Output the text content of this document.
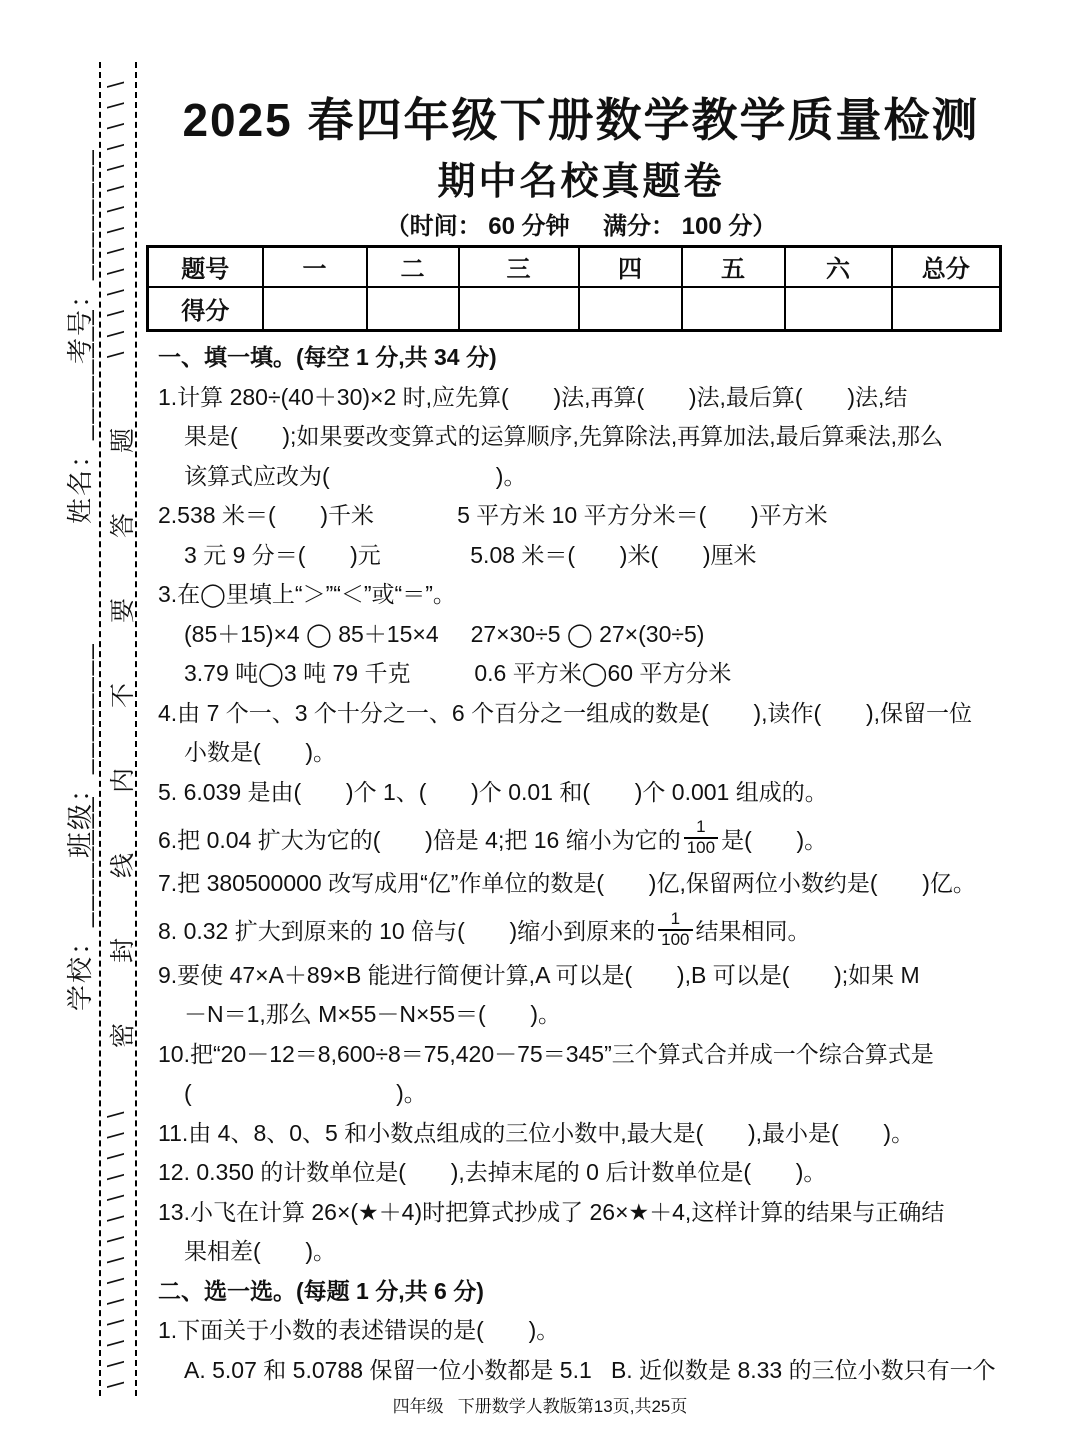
学校：________
班级：________
姓名：________
考号：________
\ \ \ \ \ \ \ \ \ \ \ \ \ \
密封线内不要答题
\ \ \ \ \ \ \ \ \ \ \ \ \ \	2025 春四年级下册数学教学质量检测
期中名校真题卷
（时间： 60 分钟     满分： 100 分）
题号	一	二	三	四	五	六	总分
得分							
一、填一填。(每空 1 分,共 34 分)
1.计算 280÷(40＋30)×2 时,应先算(       )法,再算(       )法,最后算(       )法,结
果是(       );如果要改变算式的运算顺序,先算除法,再算加法,最后算乘法,那么
该算式应改为(                          )。
2.538 米＝(       )千米             5 平方米 10 平方分米＝(       )平方米
3 元 9 分＝(       )元              5.08 米＝(       )米(       )厘米
3.在◯里填上“＞”“＜”或“＝”。
(85＋15)×4 ◯ 85＋15×4     27×30÷5 ◯ 27×(30÷5)
3.79 吨◯3 吨 79 千克          0.6 平方米◯60 平方分米
4.由 7 个一、3 个十分之一、6 个百分之一组成的数是(       ),读作(       ),保留一位
小数是(       )。
5. 6.039 是由(       )个 1、(       )个 0.01 和(       )个 0.001 组成的。
6.把 0.04 扩大为它的(       )倍是 4;把 16 缩小为它的 $\frac{1}{100}$ 是(       )。
7.把 380500000 改写成用“亿”作单位的数是(       )亿,保留两位小数约是(       )亿。
8. 0.32 扩大到原来的 10 倍与(       )缩小到原来的 $\frac{1}{100}$ 结果相同。
9.要使 47×A＋89×B 能进行简便计算,A 可以是(       ),B 可以是(       );如果 M
－N＝1,那么 M×55－N×55＝(       )。
10.把“20－12＝8,600÷8＝75,420－75＝345”三个算式合并成一个综合算式是
(                                )。
11.由 4、8、0、5 和小数点组成的三位小数中,最大是(       ),最小是(       )。
12. 0.350 的计数单位是(       ),去掉末尾的 0 后计数单位是(       )。
13.小飞在计算 26×(★＋4)时把算式抄成了 26×★＋4,这样计算的结果与正确结
果相差(       )。
二、选一选。(每题 1 分,共 6 分)
1.下面关于小数的表述错误的是(       )。
A. 5.07 和 5.0788 保留一位小数都是 5.1   B. 近似数是 8.33 的三位小数只有一个
四年级   下册数学人教版第13页,共25页
